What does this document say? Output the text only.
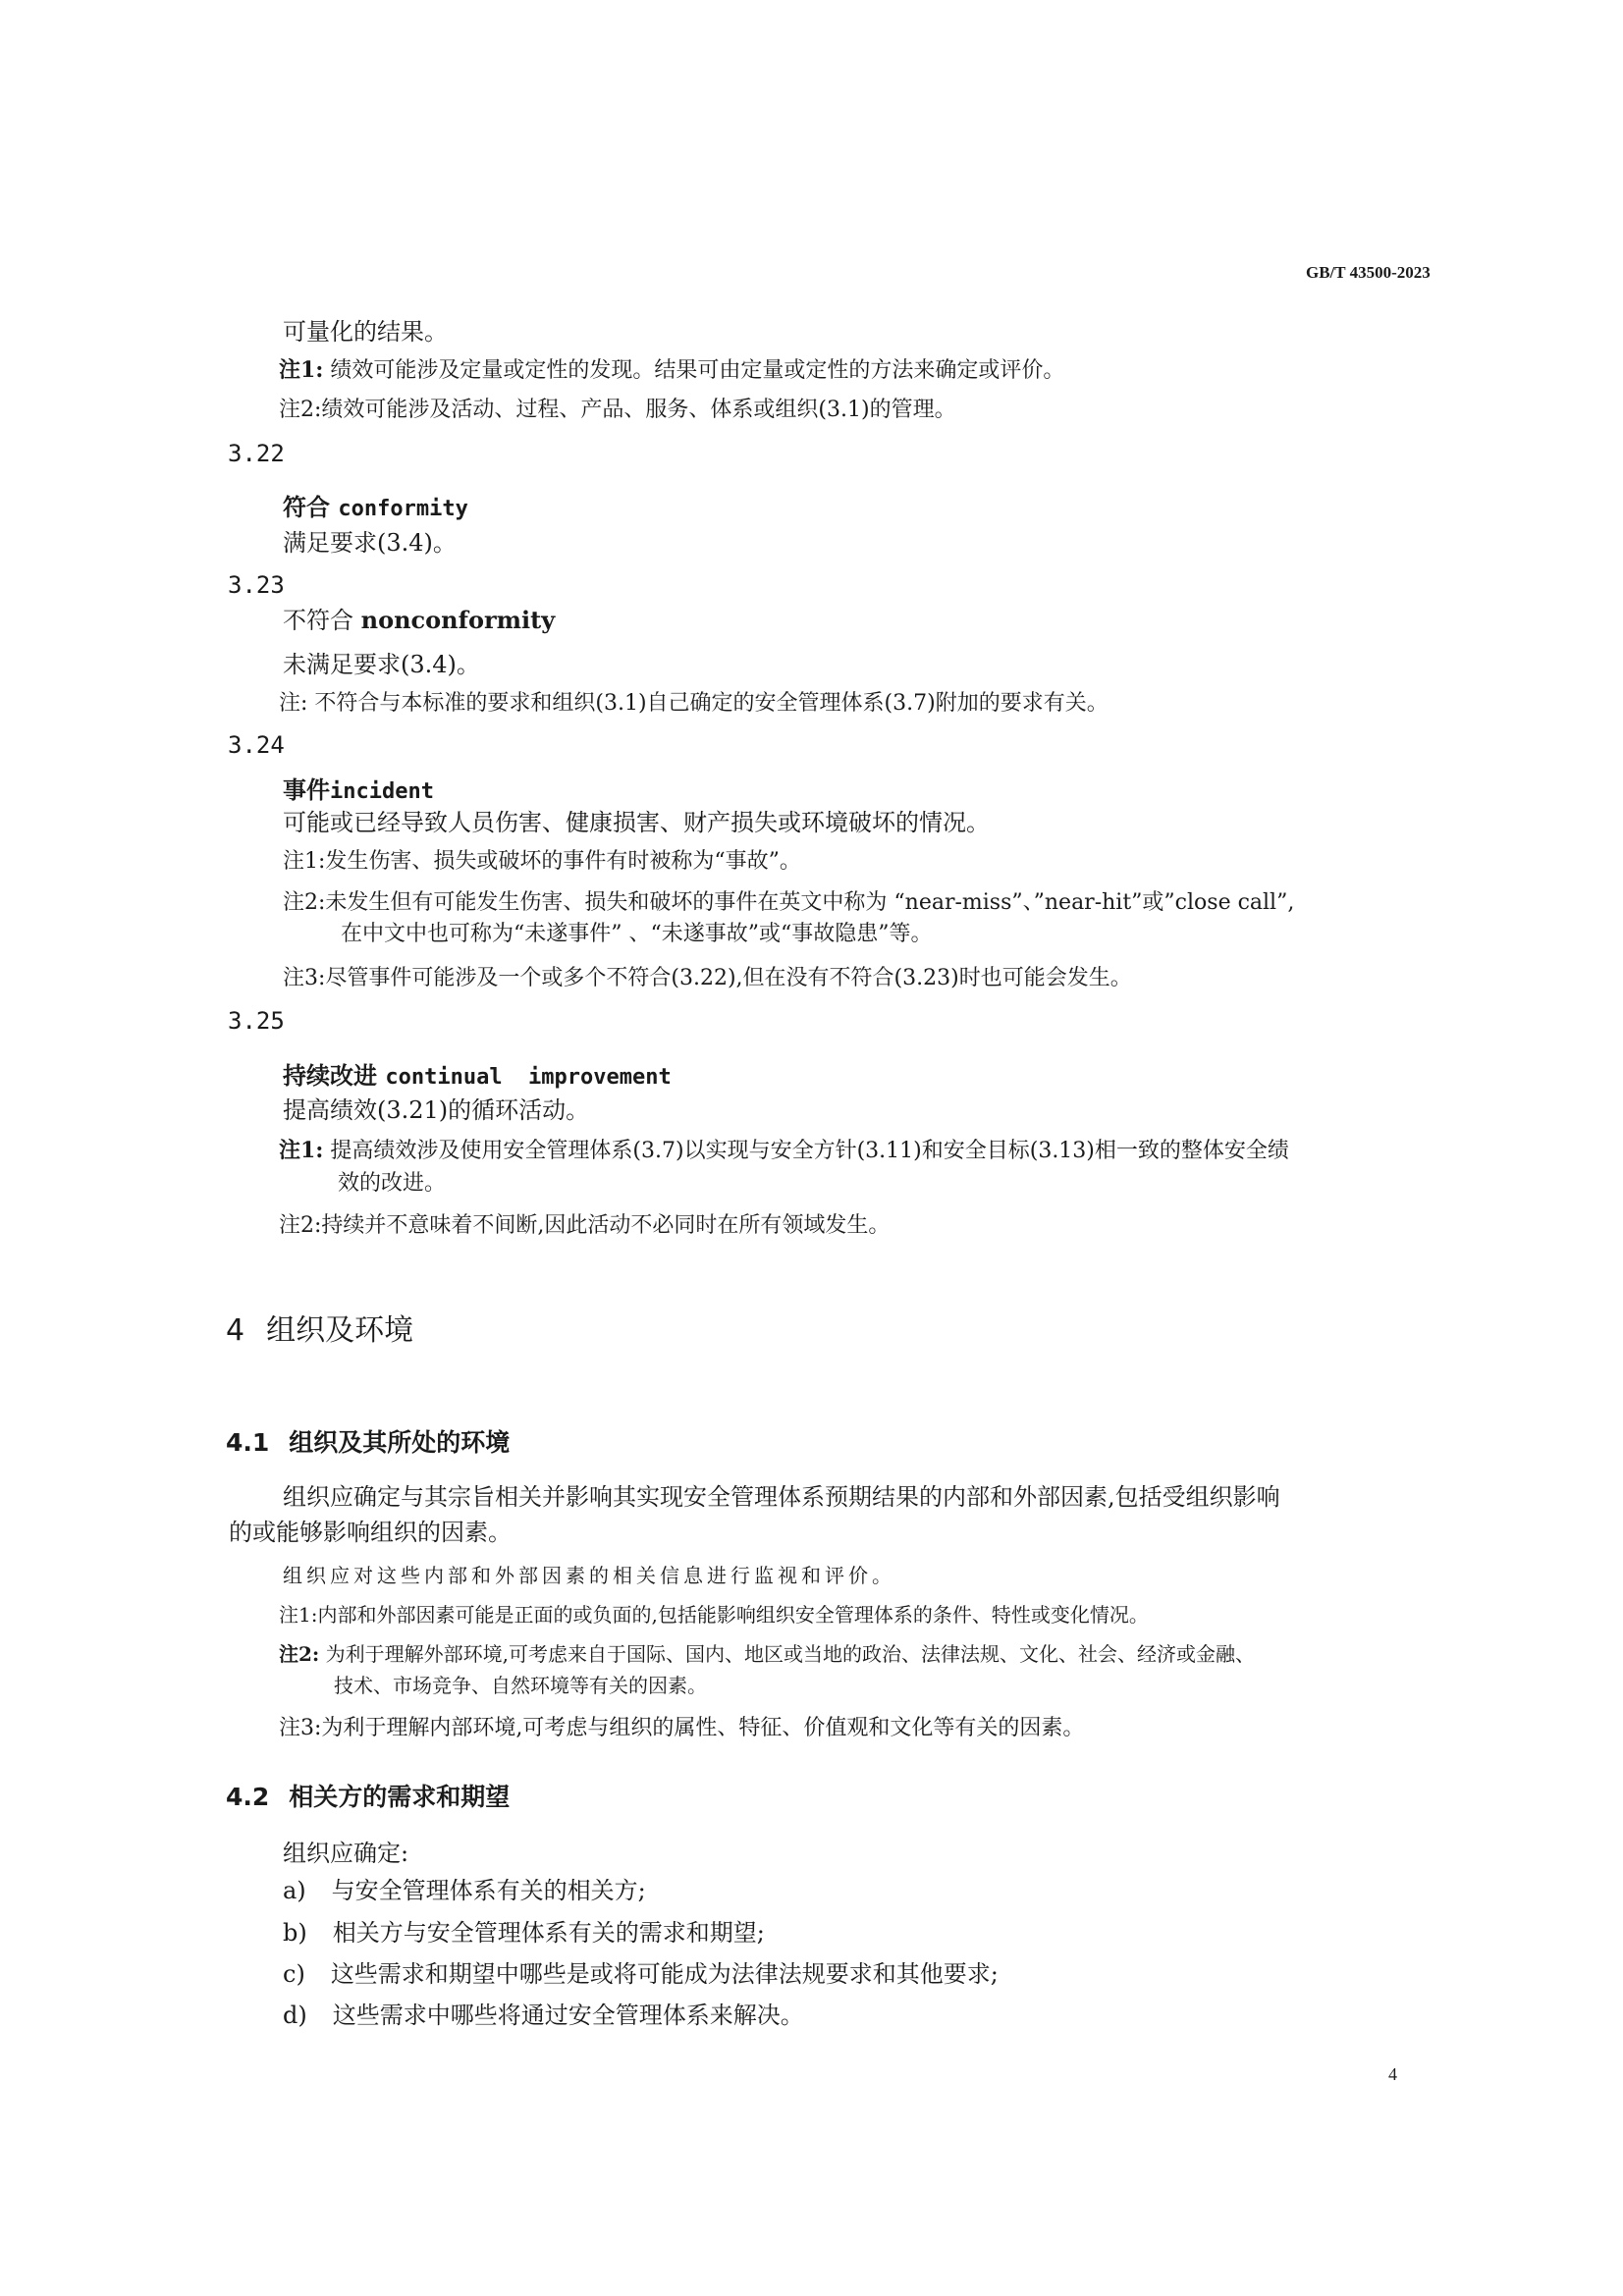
GB/T 43500-2023
可量化的结果。
注1: 绩效可能涉及定量或定性的发现。结果可由定量或定性的方法来确定或评价。
注2:绩效可能涉及活动、过程、产品、服务、体系或组织(3.1)的管理。
3.22
符合 conformity
满足要求(3.4)。
3.23
不符合 nonconformity
未满足要求(3.4)。
注: 不符合与本标准的要求和组织(3.1)自己确定的安全管理体系(3.7)附加的要求有关。
3.24
事件incident
可能或已经导致人员伤害、健康损害、财产损失或环境破坏的情况。
注1:发生伤害、损失或破坏的事件有时被称为“事故”。
注2:未发生但有可能发生伤害、损失和破坏的事件在英文中称为 “near-miss”、”near-hit”或”close call”,
在中文中也可称为“未遂事件” 、“未遂事故”或“事故隐患”等。
注3:尽管事件可能涉及一个或多个不符合(3.22),但在没有不符合(3.23)时也可能会发生。
3.25
持续改进 continual  improvement
提高绩效(3.21)的循环活动。
注1: 提高绩效涉及使用安全管理体系(3.7)以实现与安全方针(3.11)和安全目标(3.13)相一致的整体安全绩
效的改进。
注2:持续并不意味着不间断,因此活动不必同时在所有领域发生。
4 组织及环境
4.1 组织及其所处的环境
组织应确定与其宗旨相关并影响其实现安全管理体系预期结果的内部和外部因素,包括受组织影响
的或能够影响组织的因素。
组织应对这些内部和外部因素的相关信息进行监视和评价。
注1:内部和外部因素可能是正面的或负面的,包括能影响组织安全管理体系的条件、特性或变化情况。
注2: 为利于理解外部环境,可考虑来自于国际、国内、地区或当地的政治、法律法规、文化、社会、经济或金融、
技术、市场竞争、自然环境等有关的因素。
注3:为利于理解内部环境,可考虑与组织的属性、特征、价值观和文化等有关的因素。
4.2 相关方的需求和期望
组织应确定:
a) 与安全管理体系有关的相关方;
b) 相关方与安全管理体系有关的需求和期望;
c) 这些需求和期望中哪些是或将可能成为法律法规要求和其他要求;
d) 这些需求中哪些将通过安全管理体系来解决。
4
